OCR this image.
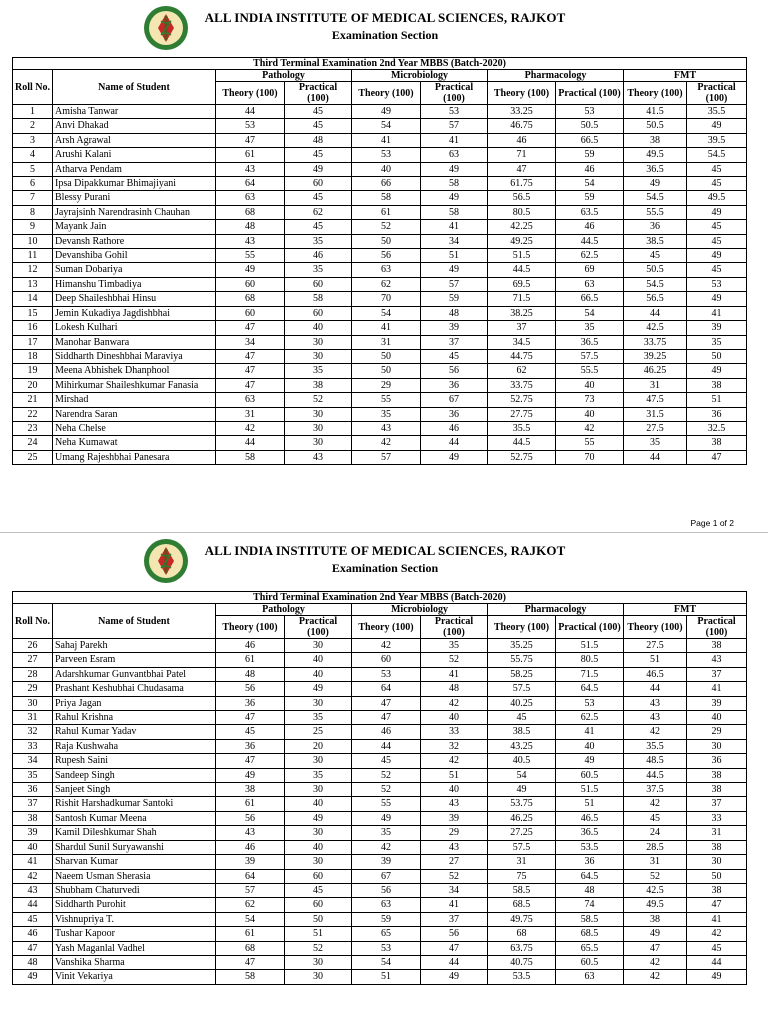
ALL INDIA INSTITUTE OF MEDICAL SCIENCES, RAJKOT
Examination Section
Third Terminal Examination 2nd Year MBBS (Batch-2020)									
Roll No.	Name of Student	Pathology		Microbiology		Pharmacology		FMT	
		Theory (100)	Practical (100)	Theory (100)	Practical (100)	Theory (100)	Practical (100)	Theory (100)	Practical (100)
1	Amisha Tanwar	44	45	49	53	33.25	53	41.5	35.5
2	Anvi Dhakad	53	45	54	57	46.75	50.5	50.5	49
3	Arsh Agrawal	47	48	41	41	46	66.5	38	39.5
4	Arushi Kalani	61	45	53	63	71	59	49.5	54.5
5	Atharva Pendam	43	49	40	49	47	46	36.5	45
6	Ipsa Dipakkumar Bhimajiyani	64	60	66	58	61.75	54	49	45
7	Blessy Purani	63	45	58	49	56.5	59	54.5	49.5
8	Jayrajsinh Narendrasinh Chauhan	68	62	61	58	80.5	63.5	55.5	49
9	Mayank Jain	48	45	52	41	42.25	46	36	45
10	Devansh Rathore	43	35	50	34	49.25	44.5	38.5	45
11	Devanshiba Gohil	55	46	56	51	51.5	62.5	45	49
12	Suman Dobariya	49	35	63	49	44.5	69	50.5	45
13	Himanshu Timbadiya	60	60	62	57	69.5	63	54.5	53
14	Deep Shaileshbhai Hinsu	68	58	70	59	71.5	66.5	56.5	49
15	Jemin Kukadiya Jagdishbhai	60	60	54	48	38.25	54	44	41
16	Lokesh Kulhari	47	40	41	39	37	35	42.5	39
17	Manohar Banwara	34	30	31	37	34.5	36.5	33.75	35
18	Siddharth Dineshbhai Maraviya	47	30	50	45	44.75	57.5	39.25	50
19	Meena Abhishek Dhanphool	47	35	50	56	62	55.5	46.25	49
20	Mihirkumar Shaileshkumar Fanasia	47	38	29	36	33.75	40	31	38
21	Mirshad	63	52	55	67	52.75	73	47.5	51
22	Narendra Saran	31	30	35	36	27.75	40	31.5	36
23	Neha Chelse	42	30	43	46	35.5	42	27.5	32.5
24	Neha Kumawat	44	30	42	44	44.5	55	35	38
25	Umang Rajeshbhai Panesara	58	43	57	49	52.75	70	44	47
Page 1 of 2
ALL INDIA INSTITUTE OF MEDICAL SCIENCES, RAJKOT
Examination Section
Third Terminal Examination 2nd Year MBBS (Batch-2020)									
Roll No.	Name of Student	Pathology		Microbiology		Pharmacology		FMT	
		Theory (100)	Practical (100)	Theory (100)	Practical (100)	Theory (100)	Practical (100)	Theory (100)	Practical (100)
26	Sahaj Parekh	46	30	42	35	35.25	51.5	27.5	38
27	Parveen Esram	61	40	60	52	55.75	80.5	51	43
28	Adarshkumar Gunvantbhai Patel	48	40	53	41	58.25	71.5	46.5	37
29	Prashant Keshubhai Chudasama	56	49	64	48	57.5	64.5	44	41
30	Priya Jagan	36	30	47	42	40.25	53	43	39
31	Rahul Krishna	47	35	47	40	45	62.5	43	40
32	Rahul Kumar Yadav	45	25	46	33	38.5	41	42	29
33	Raja Kushwaha	36	20	44	32	43.25	40	35.5	30
34	Rupesh Saini	47	30	45	42	40.5	49	48.5	36
35	Sandeep Singh	49	35	52	51	54	60.5	44.5	38
36	Sanjeet Singh	38	30	52	40	49	51.5	37.5	38
37	Rishit Harshadkumar Santoki	61	40	55	43	53.75	51	42	37
38	Santosh Kumar Meena	56	49	49	39	46.25	46.5	45	33
39	Kamil Dileshkumar Shah	43	30	35	29	27.25	36.5	24	31
40	Shardul Sunil Suryawanshi	46	40	42	43	57.5	53.5	28.5	38
41	Sharvan Kumar	39	30	39	27	31	36	31	30
42	Naeem Usman Sherasia	64	60	67	52	75	64.5	52	50
43	Shubham Chaturvedi	57	45	56	34	58.5	48	42.5	38
44	Siddharth Purohit	62	60	63	41	68.5	74	49.5	47
45	Vishnupriya T.	54	50	59	37	49.75	58.5	38	41
46	Tushar Kapoor	61	51	65	56	68	68.5	49	42
47	Yash Maganlal Vadhel	68	52	53	47	63.75	65.5	47	45
48	Vanshika Sharma	47	30	54	44	40.75	60.5	42	44
49	Vinit Vekariya	58	30	51	49	53.5	63	42	49
